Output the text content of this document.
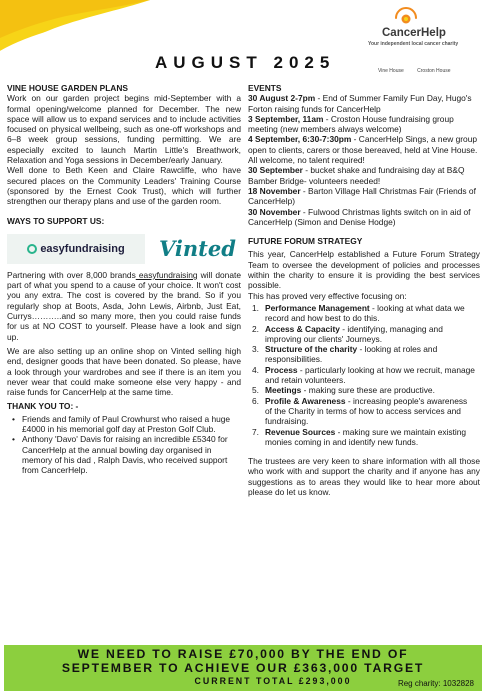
CancerHelp
Your independent local cancer charity
Vine House	Croston House
AUGUST 2025
VINE HOUSE GARDEN PLANS

Work on our garden project begins mid-September with a formal opening/welcome planned for December. The new space will allow us to expand services and to include activities focused on physical wellbeing, such as one-off workshops and 6–8 week group sessions, funding permitting. We are especially excited to launch Martin Little's Breathwork, Relaxation and Yoga sessions in December/early January.

Well done to Beth Keen and Claire Rawcliffe, who have secured places on the Community Leaders' Training Course (sponsored by the Ernest Cook Trust), which will further strengthen our therapy plans and use of the garden room.

WAYS TO SUPPORT US:
easyfundraising Vinted

Partnering with over 8,000 brands easyfundraising will donate part of what you spend to a cause of your choice. It won't cost you any extra. The cost is covered by the brand. So if you regularly shop at Boots, Asda, John Lewis, Airbnb, Just Eat, Currys………..and so many more, then you could raise funds for us at NO COST to yourself. Please have a look and sign up.

We are also setting up an online shop on Vinted selling high end, designer goods that have been donated. So please, have a look through your wardrobes and see if there is an item you never wear that could make someone else very happy - and raise funds for CancerHelp at the same time.

THANK YOU TO: -
• Friends and family of Paul Crowhurst who raised a huge £4000 in his memorial golf day at Preston Golf Club.
• Anthony 'Davo' Davis for raising an incredible £5340 for CancerHelp at the annual bowling day organised in memory of his dad , Ralph Davis, who received support from CancerHelp.
EVENTS

30 August 2-7pm - End of Summer Family Fun Day, Hugo's Forton raising funds for CancerHelp

3 September, 11am - Croston House fundraising group meeting (new members always welcome)

4 September, 6:30-7:30pm - CancerHelp Sings, a new group open to clients, carers or those bereaved, held at Vine House. All welcome, no talent required!

30 September - bucket shake and fundraising day at B&Q Bamber Bridge- volunteers needed!

18 November - Barton Village Hall Christmas Fair (Friends of CancerHelp)

30 November - Fulwood Christmas lights switch on in aid of CancerHelp (Simon and Denise Hodge)

FUTURE FORUM STRATEGY

This year, CancerHelp established a Future Forum Strategy Team to oversee the development of policies and processes within the charity to ensure it is providing the best services possible.

This has proved very effective focusing on:

1. Performance Management - looking at what data we record and how best to do this.
2. Access & Capacity - identifying, managing and improving our clients' Journeys.
3. Structure of the charity - looking at roles and responsibilities.
4. Process - particularly looking at how we recruit, manage and retain volunteers.
5. Meetings - making sure these are productive.
6. Profile & Awareness - increasing people's awareness of the Charity in terms of how to access services and fundraising.
7. Revenue Sources - making sure we maintain existing monies coming in and identify new funds.

The trustees are very keen to share information with all those who work with and support the charity and if anyone has any suggestions as to areas they would like to hear more about please do let us know.

WE NEED TO RAISE £70,000 BY THE END OF
SEPTEMBER TO ACHIEVE OUR £363,000 TARGET
CURRENT TOTAL £293,000	Reg charity: 1032828
